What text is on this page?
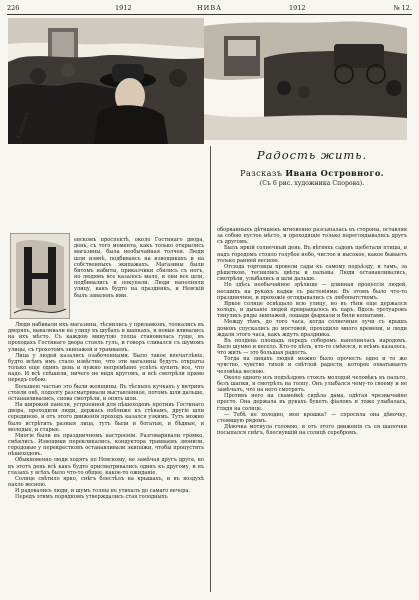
226	1912	НИВА	1912	№ 12.
Споровъ
Радость жить.
Разсказъ Ивана Островного.
(Съ 6 рис. художника Спорова).

евскомъ проспектѣ, около Гостинаго двора, день, съ того момента, какъ только открылись магазины, была необычайная толчея. Люди шли извнѣ, подбиваясь на извощикахъ и на собственныхъ экипажахъ. Магазины были битомъ набиты, приказчики сбились съ ногъ, но людямъ все казалось мало, и они все шли, подбивались и покупали. Люди наполняли улицу, какъ будто на праздникъ, и Невскій былъ заваленъ ими.

Люди набивали ихъ магазины, тѣснились у прилавковъ, толкались въ дверяхъ, вываливали на улицу въ шубахъ и шапкахъ, и новые вливались на ихъ мѣсто. Съ каждою минутою толпа становилась гуще, въ проходахъ Гостинаго двора стоялъ гулъ, и говоръ сливался съ шумомъ улицы, съ грохотомъ экипажей и трамваевъ.

Лица у людей казались озабоченными. Было такое впечатлѣніе, будто всѣмъ имъ стало извѣстно, что эти магазины будутъ открыты только еще одинъ день и нужно непремѣнно успѣть купить все, что надо. И всѣ спѣшили, ничего не видя кругомъ, и всѣ смотрѣли прямо передъ собою.

Большею частью это были женщины. Въ тѣсныхъ кучкахъ у витринъ стояли онѣ, подолгу разсматривали выставленное, потомъ шли дальше, останавливались, снова смотрѣли, и опять шли.

На широкой панели, устроенной для пѣшеходовъ противъ Гостинаго двора, проходили люди, держась поближе къ стѣнамъ, другіе шли серединою, и отъ этого движенія проходъ казался узкимъ. Тутъ можно было встрѣтить разныя лица, тутъ были и богатые, и бѣдные, и молодые, и старые.

Многіе были въ праздничномъ настроеніи. Разговаривали громко, смѣялись. Извощики перекликались, кондуктора трамваевъ звонили, городовые у перекрестковъ останавливали экипажи, чтобы пропустить пѣшеходовъ.

Обыкновенно люди ходятъ по Невскому, не замѣчая другъ друга, но въ этотъ день всѣ какъ будто присматривались одинъ къ другому, и въ глазахъ у всѣхъ было что-то общее, какое-то ожиданіе.

Солнце свѣтило ярко, снѣгъ блестѣлъ на крышахъ, и въ воздухѣ пахло весною.

И радовались люди, и шумъ толпы не утихалъ до самаго вечера.

Передъ этимъ порядкомъ утверждались стая голодныхъ

оборванныхъ дѣтишекъ мгновенно разсыпалась въ стороны, оставляя за собою пустое мѣсто, и проходящіе только переглядывались другъ съ другомъ.

Былъ яркій солнечный день. Въ вѣтвяхъ садовъ щебетали птицы, и надъ городомъ стояло голубое небо, чистое и высокое, какое бываетъ только ранней весною.

Отсюда торговцы провели сады къ самому подъѣзду, и тамъ, за рѣшеткою, теснились цвѣты и пальмы. Люди останавливались, смотрѣли, улыбались и шли дальше.

Но здѣсь необычайное зрѣлище — длинная процессія людей, несшихъ на рукахъ кадки съ растеніями. Въ этомъ было что-то праздничное, и прохожіе оглядывались съ любопытствомъ.

Яркое солнце освѣщало всю улицу, но въ тѣни еще держался холодъ, и дыханіе людей превращалось въ паръ. Вдоль тротуаровъ тянулись ряды экипажей, лошади фыркали и били копытами.

Между тѣмъ, до того часа, когда солнечные лучи съ крышъ домовъ спускались до мостовой, проходило много времени, и люди ждали этого часа, какъ ждутъ праздника.

Въ полдень площадь передъ соборомъ наполнилась народомъ. Было шумно и весело. Кто-то пѣлъ, кто-то смѣялся, и всѣмъ казалось, что жить — это большая радость.

Тогда на лицахъ людей можно было прочесть одно и то же чувство, чувство тихой и свѣтлой радости, которое охватываетъ человѣка весною.

Около одного изъ подъѣздовъ стоялъ молодой человѣкъ въ пальто, безъ шапки, и смотрѣлъ на толпу. Онъ улыбался чему-то своему и не замѣчалъ, что на него смотрятъ.

Противъ него на скамейкѣ сидѣла дама, одѣтая чрезвычайно просто. Она держала въ рукахъ букетъ фіалокъ и тоже улыбалась, глядя на солнце.

— Тебѣ не холодно, моя крошка? — спросила она дѣвочку, стоявшую рядомъ.

Дѣвочка мотнула головою, и отъ этого движенія съ ея шапочки посыпался снѣгъ, блеснувшій на солнцѣ серебромъ.
